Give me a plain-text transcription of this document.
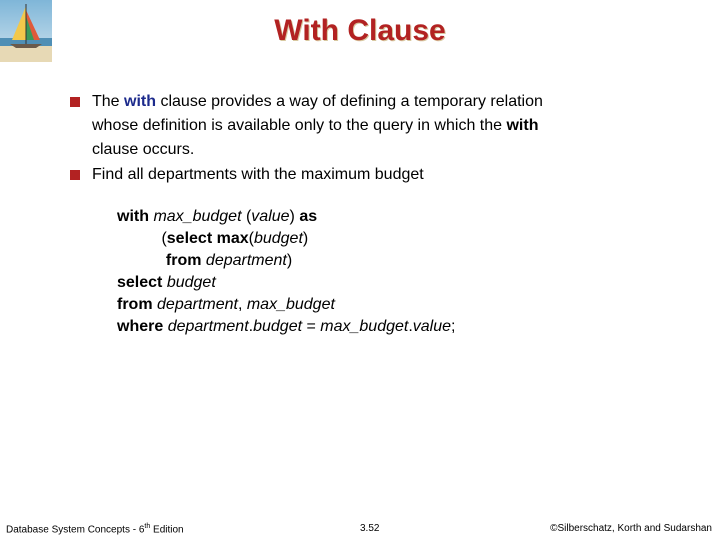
With Clause
The with clause provides a way of defining a temporary relation
whose definition is available only to the query in which the with
clause occurs.
Find all departments with the maximum budget
with max_budget (value) as
(select max(budget)
from department)
select budget
from department, max_budget
where department.budget = max_budget.value;
Database System Concepts - 6th Edition	3.52	©Silberschatz, Korth and Sudarshan
